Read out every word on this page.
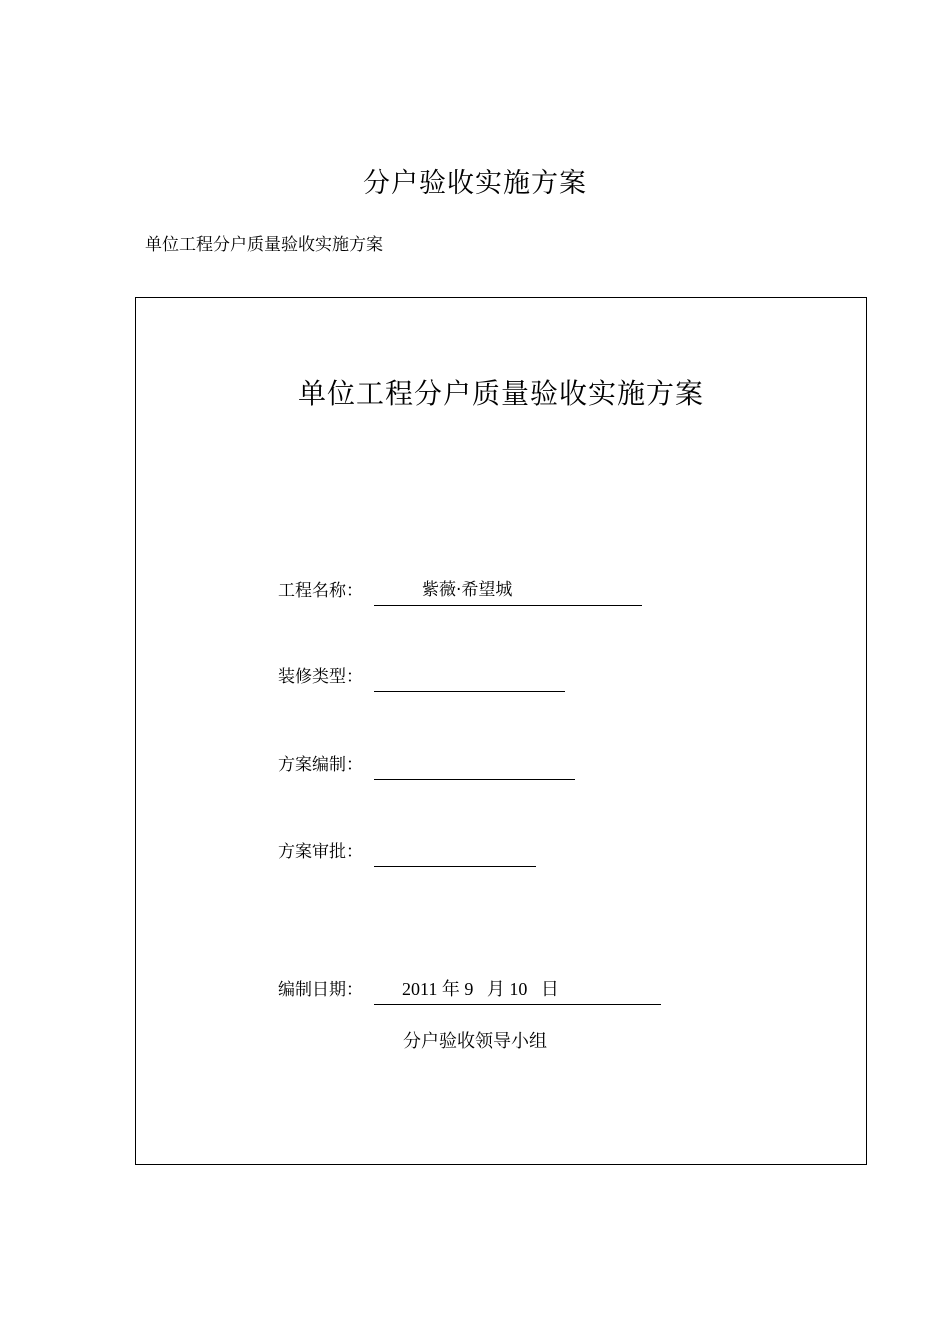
分户验收实施方案
单位工程分户质量验收实施方案
单位工程分户质量验收实施方案
工程名称：	紫薇·希望城
装修类型：
方案编制：
方案审批：
编制日期： 2011 年 9   月 10   日
分户验收领导小组
